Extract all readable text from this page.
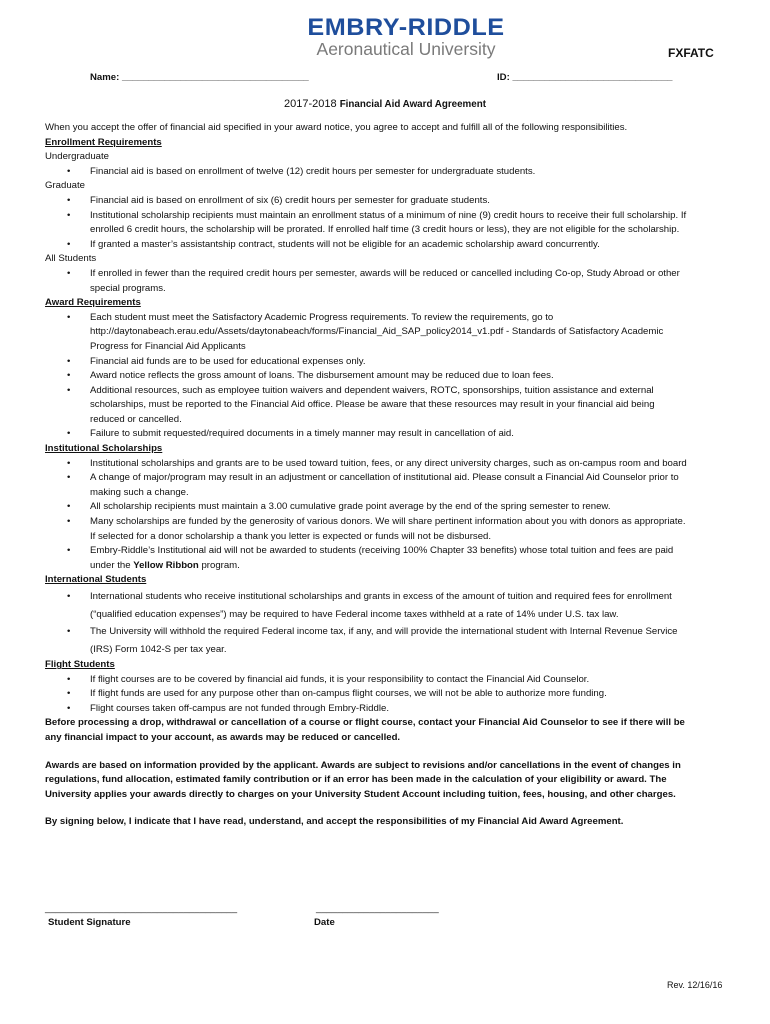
EMBRY-RIDDLE
Aeronautical University	FXFATC
Name: ___________________________________	ID: ______________________________
2017-2018 Financial Aid Award Agreement

When you accept the offer of financial aid specified in your award notice, you agree to accept and fulfill all of the following responsibilities.

Enrollment Requirements
Undergraduate
• Financial aid is based on enrollment of twelve (12) credit hours per semester for undergraduate students.
Graduate
• Financial aid is based on enrollment of six (6) credit hours per semester for graduate students.
• Institutional scholarship recipients must maintain an enrollment status of a minimum of nine (9) credit hours to receive their full scholarship. If enrolled 6 credit hours, the scholarship will be prorated. If enrolled half time (3 credit hours or less), they are not eligible for the scholarship.
• If granted a master’s assistantship contract, students will not be eligible for an academic scholarship award concurrently.
All Students
• If enrolled in fewer than the required credit hours per semester, awards will be reduced or cancelled including Co-op, Study Abroad or other special programs.
Award Requirements
• Each student must meet the Satisfactory Academic Progress requirements. To review the requirements, go to http://daytonabeach.erau.edu/Assets/daytonabeach/forms/Financial_Aid_SAP_policy2014_v1.pdf - Standards of Satisfactory Academic Progress for Financial Aid Applicants
• Financial aid funds are to be used for educational expenses only.
• Award notice reflects the gross amount of loans. The disbursement amount may be reduced due to loan fees.
• Additional resources, such as employee tuition waivers and dependent waivers, ROTC, sponsorships, tuition assistance and external scholarships, must be reported to the Financial Aid office. Please be aware that these resources may result in your financial aid being reduced or cancelled.
• Failure to submit requested/required documents in a timely manner may result in cancellation of aid.
Institutional Scholarships
• Institutional scholarships and grants are to be used toward tuition, fees, or any direct university charges, such as on-campus room and board
• A change of major/program may result in an adjustment or cancellation of institutional aid. Please consult a Financial Aid Counselor prior to making such a change.
• All scholarship recipients must maintain a 3.00 cumulative grade point average by the end of the spring semester to renew.
• Many scholarships are funded by the generosity of various donors. We will share pertinent information about you with donors as appropriate. If selected for a donor scholarship a thank you letter is expected or funds will not be disbursed.
• Embry-Riddle’s Institutional aid will not be awarded to students (receiving 100% Chapter 33 benefits) whose total tuition and fees are paid under the Yellow Ribbon program.
International Students
• International students who receive institutional scholarships and grants in excess of the amount of tuition and required fees for enrollment (“qualified education expenses”) may be required to have Federal income taxes withheld at a rate of 14% under U.S. tax law.
• The University will withhold the required Federal income tax, if any, and will provide the international student with Internal Revenue Service (IRS) Form 1042-S per tax year.
Flight Students
• If flight courses are to be covered by financial aid funds, it is your responsibility to contact the Financial Aid Counselor.
• If flight funds are used for any purpose other than on-campus flight courses, we will not be able to authorize more funding.
• Flight courses taken off-campus are not funded through Embry-Riddle.

Before processing a drop, withdrawal or cancellation of a course or flight course, contact your Financial Aid Counselor to see if there will be any financial impact to your account, as awards may be reduced or cancelled.

Awards are based on information provided by the applicant. Awards are subject to revisions and/or cancellations in the event of changes in regulations, fund allocation, estimated family contribution or if an error has been made in the calculation of your eligibility or award. The University applies your awards directly to charges on your University Student Account including tuition, fees, housing, and other charges.

By signing below, I indicate that I have read, understand, and accept the responsibilities of my Financial Aid Award Agreement.

____________________________________
Student Signature
_______________________
Date
Rev. 12/16/16
